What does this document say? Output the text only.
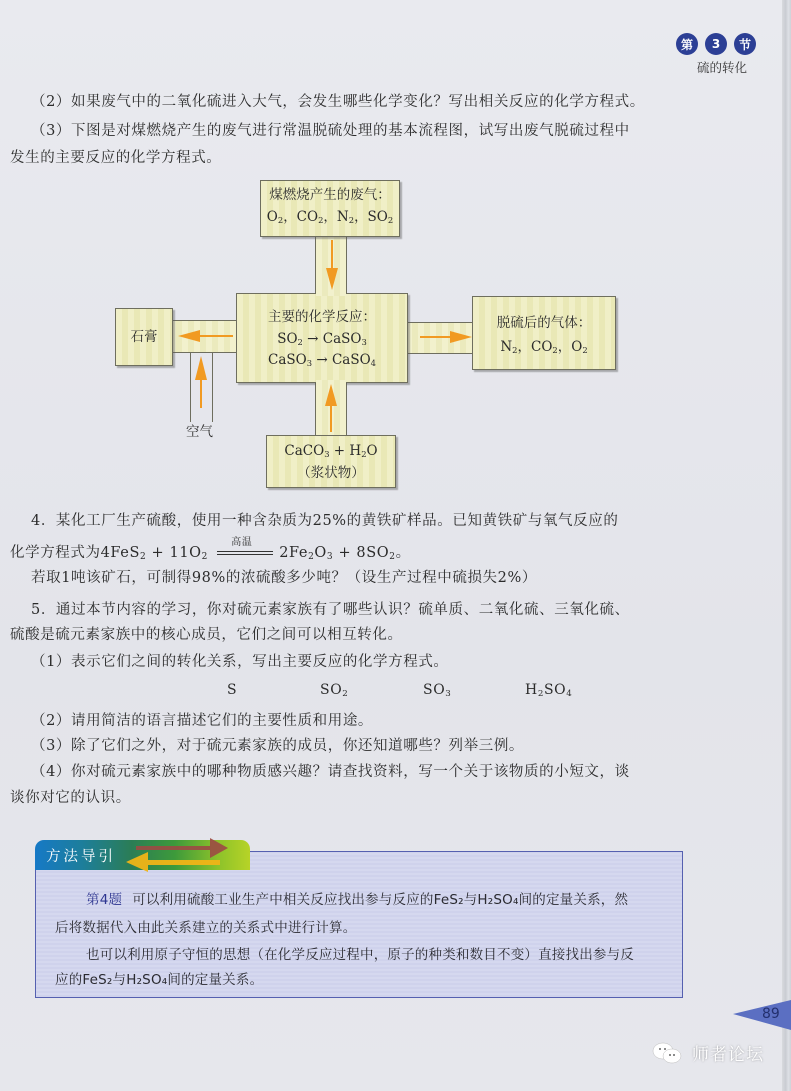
第	3	节
硫的转化
（2）如果废气中的二氧化硫进入大气，会发生哪些化学变化？写出相关反应的化学方程式。
（3）下图是对煤燃烧产生的废气进行常温脱硫处理的基本流程图，试写出废气脱硫过程中
发生的主要反应的化学方程式。
煤燃烧产生的废气：
$O_2$，$CO_2$，$N_2$，$SO_2$
主要的化学反应：
$SO_2$ → CaSO$_3$
CaSO$_3$ → CaSO$_4$
石膏
脱硫后的气体：
$N_2$，$CO_2$，$O_2$
CaCO$_3$ + $H_2O$
（浆状物）
空气
4．某化工厂生产硫酸，使用一种含杂质为25%的黄铁矿样品。已知黄铁矿与氧气反应的
化学方程式为$4FeS_2 + 11O_2$
高温
$2Fe_2O_3 + 8SO_2$。
若取1吨该矿石，可制得98%的浓硫酸多少吨？（设生产过程中硫损失2%）
5．通过本节内容的学习，你对硫元素家族有了哪些认识？硫单质、二氧化硫、三氧化硫、
硫酸是硫元素家族中的核心成员，它们之间可以相互转化。
（1）表示它们之间的转化关系，写出主要反应的化学方程式。
S	$SO_2$	$SO_3$	$H_2SO_4$
（2）请用简洁的语言描述它们的主要性质和用途。
（3）除了它们之外，对于硫元素家族的成员，你还知道哪些？列举三例。
（4）你对硫元素家族中的哪种物质感兴趣？请查找资料，写一个关于该物质的小短文，谈
谈你对它的认识。
方法导引
第4题 可以利用硫酸工业生产中相关反应找出参与反应的FeS₂与H₂SO₄间的定量关系，然
后将数据代入由此关系建立的关系式中进行计算。
也可以利用原子守恒的思想（在化学反应过程中，原子的种类和数目不变）直接找出参与反
应的FeS₂与H₂SO₄间的定量关系。
89
师者论坛
